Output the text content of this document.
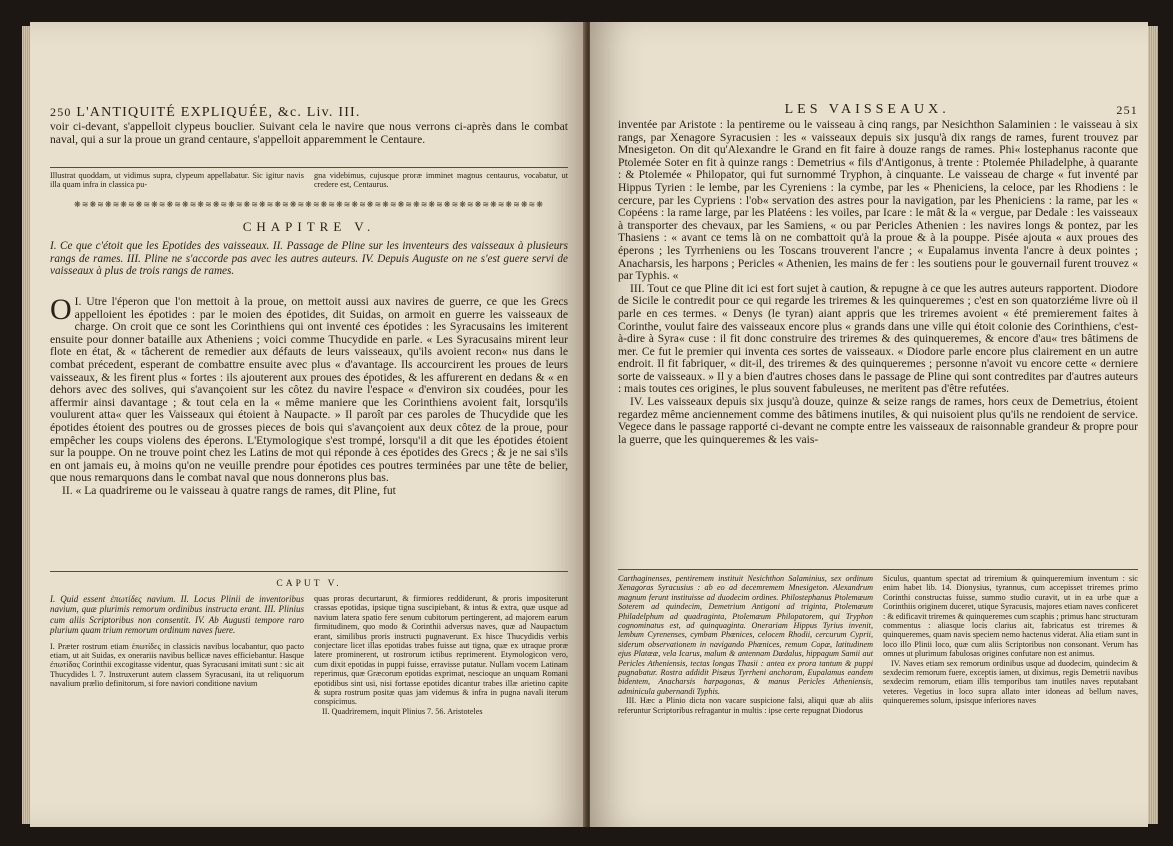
250 L'ANTIQUITÉ EXPLIQUÉE, &c. Liv. III.
voir ci-devant, s'appelloit clypeus bouclier. Suivant cela le navire que nous verrons ci-après dans le combat naval, qui a sur la proue un grand centaure, s'appelloit apparemment le Centaure.
Illustrat quoddam, ut vidimus supra, clypeum appellabatur. Sic igitur navis illa quam infra in classica pu-
gna videbimus, cujusque proræ imminet magnus centaurus, vocabatur, ut credere est, Centaurus.
❋≋❋≋❋≋❋≋❋≋❋≋❋≋❋≋❋≋❋≋❋≋❋≋❋≋❋≋❋≋❋≋❋≋❋≋❋≋❋≋❋≋❋≋❋≋❋≋❋≋❋≋❋≋❋≋❋≋❋≋❋
CHAPITRE V.
I. Ce que c'étoit que les Epotides des vaisseaux. II. Passage de Pline sur les inventeurs des vaisseaux à plusieurs rangs de rames. III. Pline ne s'accorde pas avec les autres auteurs. IV. Depuis Auguste on ne s'est guere servi de vaisseaux à plus de trois rangs de rames.
O I. Utre l'éperon que l'on mettoit à la proue, on mettoit aussi aux navires de guerre, ce que les Grecs appelloient les épotides : par le moien des épotides, dit Suidas, on armoit en guerre les vaisseaux de charge. On croit que ce sont les Corinthiens qui ont inventé ces épotides : les Syracusains les imiterent ensuite pour donner bataille aux Atheniens ; voici comme Thucydide en parle. « Les Syracusains mirent leur flote en état, & « tâcherent de remedier aux défauts de leurs vaisseaux, qu'ils avoient recon« nus dans le combat précedent, esperant de combattre ensuite avec plus « d'avantage. Ils accourcirent les proues de leurs vaisseaux, & les firent plus « fortes : ils ajouterent aux proues des épotides, & les affurerent en dedans & « en dehors avec des solives, qui s'avançoient sur les côtez du navire l'espace « d'environ six coudées, pour les affermir ainsi davantage ; & tout cela en la « même maniere que les Corinthiens avoient fait, lorsqu'ils voulurent atta« quer les Vaisseaux qui étoient à Naupacte. » Il paroît par ces paroles de Thucydide que les épotides étoient des poutres ou de grosses pieces de bois qui s'avançoient aux deux côtez de la proue, pour empêcher les coups violens des éperons. L'Etymologique s'est trompé, lorsqu'il a dit que les épotides étoient sur la pouppe. On ne trouve point chez les Latins de mot qui réponde à ces épotides des Grecs ; & je ne sai s'ils en ont jamais eu, à moins qu'on ne veuille prendre pour épotides ces poutres terminées par une tête de belier, que nous remarquons dans le combat naval que nous donnerons plus bas.

II. « La quadrireme ou le vaisseau à quatre rangs de rames, dit Pline, fut

CAPUT V.
I. Quid essent ἐπωτίδες navium. II. Locus Plinii de inventoribus navium, quæ plurimis remorum ordinibus instructa erant. III. Plinius cum aliis Scriptoribus non consentit. IV. Ab Augusti tempore raro plurium quam trium remorum ordinum naves fuere.
I. Præter rostrum etiam ἐπωτίδες in classicis navibus locabantur, quo pacto etiam, ut ait Suidas, ex onerariis navibus bellicæ naves efficiebantur. Hasque ἐπωτίδας Corinthii excogitasse videntur, quas Syracusani imitati sunt : sic ait Thucydides l. 7. Instruxerunt autem classem Syracusani, ita ut reliquorum navalium prælio definitorum, si fore naviori conditione navium
quas proras decurtarunt, & firmiores reddiderunt, & proris impositerunt crassas epotidas, ipsique tigna suscipiebant, & intus & extra, quæ usque ad navium latera spatio fere senum cubitorum pertingerent, ad majorem earum firmitudinem, quo modo & Corinthii adversus naves, quæ ad Naupactum erant, similibus proris instructi pugnaverunt. Ex hisce Thucydidis verbis conjectare licet illas epotidas trabes fuisse aut tigna, quæ ex utraque proræ latere prominerent, ut rostrorum ictibus reprimerent. Etymologicon vero, cum dixit epotidas in puppi fuisse, erravisse putatur. Nullam vocem Latinam reperimus, quæ Græcorum epotidas exprimat, nescioque an unquam Romani epotidibus sint usi, nisi fortasse epotides dicantur trabes illæ arietino capite & supra rostrum positæ quas jam videmus & infra in pugna navali iterum conspicimus.
II. Quadriremem, inquit Plinius 7. 56. Aristoteles
LES VAISSEAUX.	251

inventée par Aristote : la pentireme ou le vaisseau à cinq rangs, par Nesichthon Salaminien : le vaisseau à six rangs, par Xenagore Syracusien : les « vaisseaux depuis six jusqu'à dix rangs de rames, furent trouvez par Mnesigeton. On dit qu'Alexandre le Grand en fit faire à douze rangs de rames. Phi« lostephanus raconte que Ptolemée Soter en fit à quinze rangs : Demetrius « fils d'Antigonus, à trente : Ptolemée Philadelphe, à quarante : & Ptolemée « Philopator, qui fut surnommé Tryphon, à cinquante. Le vaisseau de charge « fut inventé par Hippus Tyrien : le lembe, par les Cyreniens : la cymbe, par les « Pheniciens, la celoce, par les Rhodiens : le cercure, par les Cypriens : l'ob« servation des astres pour la navigation, par les Pheniciens : la rame, par les « Copéens : la rame large, par les Platéens : les voiles, par Icare : le mât & la « vergue, par Dedale : les vaisseaux à transporter des chevaux, par les Samiens, « ou par Pericles Athenien : les navires longs & pontez, par les Thasiens : « avant ce tems là on ne combattoit qu'à la proue & à la pouppe. Pisée ajouta « aux proues des éperons ; les Tyrrheniens ou les Toscans trouverent l'ancre ; « Eupalamus inventa l'ancre à deux pointes ; Anacharsis, les harpons ; Pericles « Athenien, les mains de fer : les soutiens pour le gouvernail furent trouvez « par Typhis. «

III. Tout ce que Pline dit ici est fort sujet à caution, & repugne à ce que les autres auteurs rapportent. Diodore de Sicile le contredit pour ce qui regarde les triremes & les quinqueremes ; c'est en son quatorziéme livre où il parle en ces termes. « Denys (le tyran) aiant appris que les triremes avoient « été premierement faites à Corinthe, voulut faire des vaisseaux encore plus « grands dans une ville qui étoit colonie des Corinthiens, c'est-à-dire à Syra« cuse : il fit donc construire des triremes & des quinqueremes, & encore d'au« tres bâtimens de mer. Ce fut le premier qui inventa ces sortes de vaisseaux. « Diodore parle encore plus clairement en un autre endroit. Il fit fabriquer, « dit-il, des triremes & des quinqueremes ; personne n'avoit vu encore cette « derniere sorte de vaisseaux. » Il y a bien d'autres choses dans le passage de Pline qui sont contredites par d'autres auteurs : mais toutes ces origines, le plus souvent fabuleuses, ne meritent pas d'être refutées.

IV. Les vaisseaux depuis six jusqu'à douze, quinze & seize rangs de rames, hors ceux de Demetrius, étoient regardez même anciennement comme des bâtimens inutiles, & qui nuisoient plus qu'ils ne rendoient de service. Vegece dans le passage rapporté ci-devant ne compte entre les vaisseaux de raisonnable grandeur & propre pour la guerre, que les quinqueremes & les vais-

Carthaginenses, pentiremem instituit Nesichthon Salaminius, sex ordinum Xenagoras Syracusius : ab eo ad decemremem Mnesigeton. Alexandrum magnum ferunt instituisse ad duodecim ordines. Philostephanus Ptolemæum Soterem ad quindecim, Demetrium Antigoni ad triginta, Ptolemæum Philadelphum ad quadraginta, Ptolemæum Philopatorem, qui Tryphon cognominatus est, ad quinquaginta. Onerariam Hippus Tyrius invenit, lembum Cyrenenses, cymbam Phœnices, celocem Rhodii, cercurum Cyprii, siderum observationem in navigando Phœnices, remum Copæ, latitudinem ejus Platææ, vela Icarus, malum & antennam Dædalus, hippagum Samii aut Pericles Atheniensis, tectas longas Thasii : antea ex prora tantum & puppi pugnabatur. Rostra addidit Pisæus Tyrrheni anchoram, Eupalamus eandem bidentem, Anacharsis harpagonas, & manus Pericles Atheniensis, adminicula gubernandi Typhis.
III. Hæc a Plinio dicta non vacare suspicione falsi, aliqui quæ ab aliis referuntur Scriptoribus refragantur in multis : ipse certe repugnat Diodorus
Siculus, quantum spectat ad triremium & quinqueremium inventum : sic enim habet lib. 14. Dionysius, tyrannus, cum accepisset triremes primo Corinthi constructas fuisse, summo studio curavit, ut in ea urbe quæ a Corinthiis originem duceret, utique Syracusis, majores etiam naves conficeret : & edificavit triremes & quinqueremes cum scaphis ; primus hanc structuram commentus : aliasque locis clarius ait, fabricatus est triremes & quinqueremes, quam navis speciem nemo hactenus viderat. Alia etiam sunt in loco illo Plinii loco, quæ cum aliis Scriptoribus non consonant. Verum has omnes ut plurimum fabulosas origines confutare non est animus.
IV. Naves etiam sex remorum ordinibus usque ad duodecim, quindecim & sexdecim remorum fuere, exceptis iamen, ut diximus, regis Demetrii navibus sexdecim remorum, etiam illis temporibus tam inutiles naves reputabant veteres. Vegetius in loco supra allato inter idoneas ad bellum naves, quinqueremes solum, ipsisque inferiores naves
